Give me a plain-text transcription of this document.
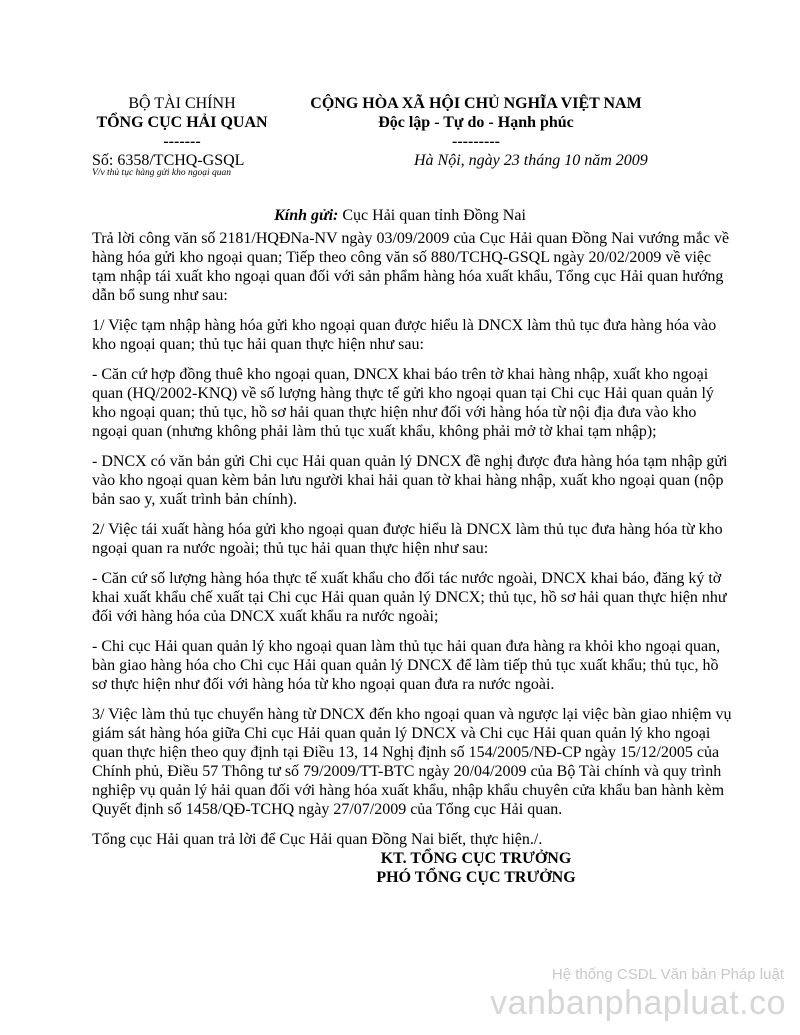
BỘ TÀI CHÍNH
TỔNG CỤC HẢI QUAN
-------
Số: 6358/TCHQ-GSQL
V/v thủ tục hàng gửi kho ngoại quan
CỘNG HÒA XÃ HỘI CHỦ NGHĨA VIỆT NAM
Độc lập - Tự do - Hạnh phúc
---------
Hà Nội, ngày 23 tháng 10 năm 2009
Kính gửi: Cục Hải quan tỉnh Đồng Nai

Trả lời công văn số 2181/HQĐNa-NV ngày 03/09/2009 của Cục Hải quan Đồng Nai vướng mắc về hàng hóa gửi kho ngoại quan; Tiếp theo công văn số 880/TCHQ-GSQL ngày 20/02/2009 về việc tạm nhập tái xuất kho ngoại quan đối với sản phẩm hàng hóa xuất khẩu, Tổng cục Hải quan hướng dẫn bổ sung như sau:

1/ Việc tạm nhập hàng hóa gửi kho ngoại quan được hiểu là DNCX làm thủ tục đưa hàng hóa vào kho ngoại quan; thủ tục hải quan thực hiện như sau:

- Căn cứ hợp đồng thuê kho ngoại quan, DNCX khai báo trên tờ khai hàng nhập, xuất kho ngoại quan (HQ/2002-KNQ) về số lượng hàng thực tế gửi kho ngoại quan tại Chi cục Hải quan quản lý kho ngoại quan; thủ tục, hồ sơ hải quan thực hiện như đối với hàng hóa từ nội địa đưa vào kho ngoại quan (nhưng không phải làm thủ tục xuất khẩu, không phải mở tờ khai tạm nhập);

- DNCX có văn bản gửi Chi cục Hải quan quản lý DNCX đề nghị được đưa hàng hóa tạm nhập gửi vào kho ngoại quan kèm bản lưu người khai hải quan tờ khai hàng nhập, xuất kho ngoại quan (nộp bản sao y, xuất trình bản chính).

2/ Việc tái xuất hàng hóa gửi kho ngoại quan được hiểu là DNCX làm thủ tục đưa hàng hóa từ kho ngoại quan ra nước ngoài; thủ tục hải quan thực hiện như sau:

- Căn cứ số lượng hàng hóa thực tế xuất khẩu cho đối tác nước ngoài, DNCX khai báo, đăng ký tờ khai xuất khẩu chế xuất tại Chi cục Hải quan quản lý DNCX; thủ tục, hồ sơ hải quan thực hiện như đối với hàng hóa của DNCX xuất khẩu ra nước ngoài;

- Chi cục Hải quan quản lý kho ngoại quan làm thủ tục hải quan đưa hàng ra khỏi kho ngoại quan, bàn giao hàng hóa cho Chi cục Hải quan quản lý DNCX để làm tiếp thủ tục xuất khẩu; thủ tục, hồ sơ thực hiện như đối với hàng hóa từ kho ngoại quan đưa ra nước ngoài.

3/ Việc làm thủ tục chuyển hàng từ DNCX đến kho ngoại quan và ngược lại việc bàn giao nhiệm vụ giám sát hàng hóa giữa Chi cục Hải quan quản lý DNCX và Chi cục Hải quan quản lý kho ngoại quan thực hiện theo quy định tại Điều 13, 14 Nghị định số 154/2005/NĐ-CP ngày 15/12/2005 của Chính phủ, Điều 57 Thông tư số 79/2009/TT-BTC ngày 20/04/2009 của Bộ Tài chính và quy trình nghiệp vụ quản lý hải quan đối với hàng hóa xuất khẩu, nhập khẩu chuyên cửa khẩu ban hành kèm Quyết định số 1458/QĐ-TCHQ ngày 27/07/2009 của Tổng cục Hải quan.

Tổng cục Hải quan trả lời để Cục Hải quan Đồng Nai biết, thực hiện./.

KT. TỔNG CỤC TRƯỞNG
PHÓ TỔNG CỤC TRƯỞNG
Hệ thống CSDL Văn bản Pháp luật
vanbanphapluat.co
